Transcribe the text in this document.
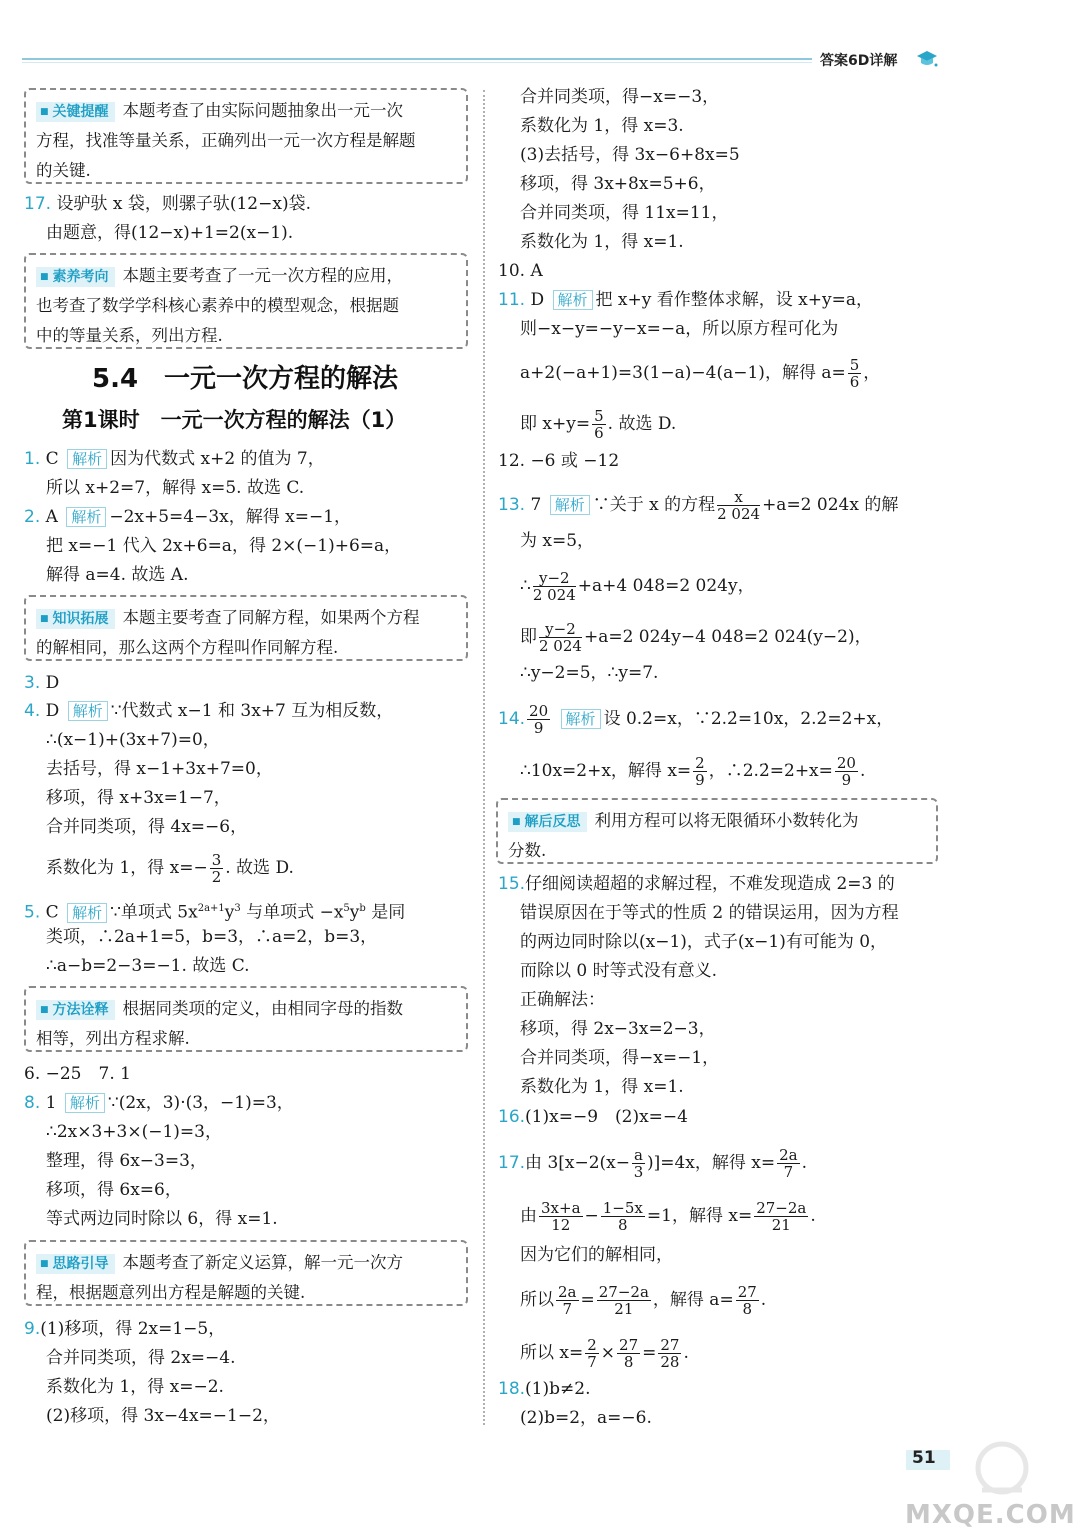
答案6D详解
■ 关键提醒 本题考查了由实际问题抽象出一元一次
方程，找准等量关系，正确列出一元一次方程是解题
的关键.
17. 设驴驮 x 袋，则骡子驮(12−x)袋.
由题意，得(12−x)+1=2(x−1).
■ 素养考向 本题主要考查了一元一次方程的应用，
也考查了数学学科核心素养中的模型观念，根据题
中的等量关系，列出方程.
5.4　一元一次方程的解法
第1课时　一元一次方程的解法（1）
1. C 解析 因为代数式 x+2 的值为 7，
所以 x+2=7，解得 x=5. 故选 C.
2. A 解析 −2x+5=4−3x，解得 x=−1，
把 x=−1 代入 2x+6=a，得 2×(−1)+6=a，
解得 a=4. 故选 A.
■ 知识拓展 本题主要考查了同解方程，如果两个方程
的解相同，那么这两个方程叫作同解方程.
3. D
4. D 解析 ∵代数式 x−1 和 3x+7 互为相反数，
∴(x−1)+(3x+7)=0，
去括号，得 x−1+3x+7=0，
移项，得 x+3x=1−7，
合并同类项，得 4x=−6，
系数化为 1，得 $x=- \frac{3}{2}$ . 故选 D.
5. C 解析 ∵单项式 $5x^{2a+1}y^3$ 与单项式 $-x^5y^b$ 是同
类项，∴2a+1=5，b=3，∴a=2，b=3，
∴a−b=2−3=−1. 故选 C.
■ 方法诠释 根据同类项的定义，由相同字母的指数
相等，列出方程求解.
6. −25　7. 1
8. 1 解析 ∵(2x，3)·(3，−1)=3，
∴2x×3+3×(−1)=3，
整理，得 6x−3=3，
移项，得 6x=6，
等式两边同时除以 6，得 x=1.
■ 思路引导 本题考查了新定义运算，解一元一次方
程，根据题意列出方程是解题的关键.
9.(1)移项，得 2x=1−5，
合并同类项，得 2x=−4.
系数化为 1，得 x=−2.
(2)移项，得 3x−4x=−1−2，
合并同类项，得−x=−3，
系数化为 1，得 x=3.
(3)去括号，得 3x−6+8x=5
移项，得 3x+8x=5+6，
合并同类项，得 11x=11，
系数化为 1，得 x=1.
10. A
11. D 解析 把 x+y 看作整体求解，设 x+y=a，
则−x−y=−y−x=−a，所以原方程可化为
a+2(−a+1)=3(1−a)−4(a−1)，解得 $a= \frac{5}{6}$ ，
即 $x+y= \frac{5}{6}$ . 故选 D.
12. −6 或 −12
13. 7 解析 ∵关于 x 的方程 $\frac{x}{2 024} +a=2$ 024x 的解
为 x=5，
∴ $\frac{y-2}{2 024} +a+4$ 048=2 024y，
即 $\frac{y-2}{2 024} +a=2$ 024y−4 048=2 024(y−2)，
∴y−2=5，∴y=7.
14. $\frac{20}{9}$ 解析 设 0.2̇=x，∵2.2̇=10x，2.2̇=2+x，
∴10x=2+x，解得 $x= \frac{2}{9}$ ，∴2.2̇=2+x= $\frac{20}{9}$ .
■ 解后反思 利用方程可以将无限循环小数转化为
分数.
15.仔细阅读超超的求解过程，不难发现造成 2=3 的
错误原因在于等式的性质 2 的错误运用，因为方程
的两边同时除以(x−1)，式子(x−1)有可能为 0，
而除以 0 时等式没有意义.
正确解法：
移项，得 2x−3x=2−3，
合并同类项，得−x=−1，
系数化为 1，得 x=1.
16.(1)x=−9　(2)x=−4
17.由 $3[x-2(x- \frac{a}{3} )]=4x$，解得 $x= \frac{2a}{7}$ .
由 $\frac{3x+a}{12} - \frac{1-5x}{8} =1$，解得 $x= \frac{27-2a}{21}$ .
因为它们的解相同，
所以 $\frac{2a}{7} = \frac{27-2a}{21}$ ，解得 $a= \frac{27}{8}$ .
所以 $x= \frac{2}{7} \times \frac{27}{8} = \frac{27}{28}$ .
18.(1)b≠2.
(2)b=2，a=−6.
51
MXQE.COM
